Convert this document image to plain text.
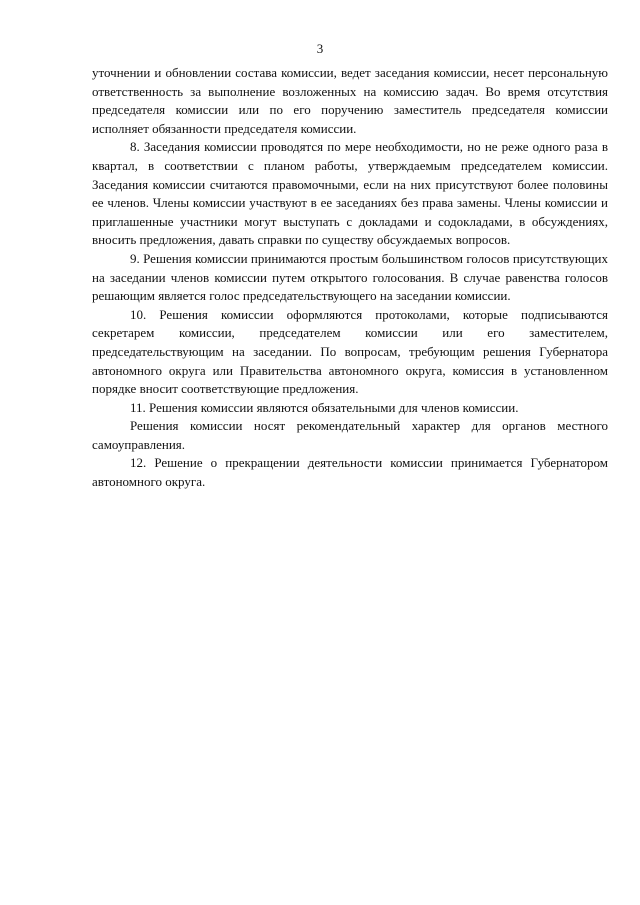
3

уточнении и обновлении состава комиссии, ведет заседания комиссии, несет персональную ответственность за выполнение возложенных на комиссию задач. Во время отсутствия председателя комиссии или по его поручению заместитель председателя комиссии исполняет обязанности председателя комиссии.

8. Заседания комиссии проводятся по мере необходимости, но не реже одного раза в квартал, в соответствии с планом работы, утверждаемым председателем комиссии. Заседания комиссии считаются правомочными, если на них присутствуют более половины ее членов. Члены комиссии участвуют в ее заседаниях без права замены. Члены комиссии и приглашенные участники могут выступать с докладами и содокладами, в обсуждениях, вносить предложения, давать справки по существу обсуждаемых вопросов.

9. Решения комиссии принимаются простым большинством голосов присутствующих на заседании членов комиссии путем открытого голосования. В случае равенства голосов решающим является голос председательствующего на заседании комиссии.

10. Решения комиссии оформляются протоколами, которые подписываются секретарем комиссии, председателем комиссии или его заместителем, председательствующим на заседании. По вопросам, требующим решения Губернатора автономного округа или Правительства автономного округа, комиссия в установленном порядке вносит соответствующие предложения.

11. Решения комиссии являются обязательными для членов комиссии.

Решения комиссии носят рекомендательный характер для органов местного самоуправления.

12. Решение о прекращении деятельности комиссии принимается Губернатором автономного округа.
